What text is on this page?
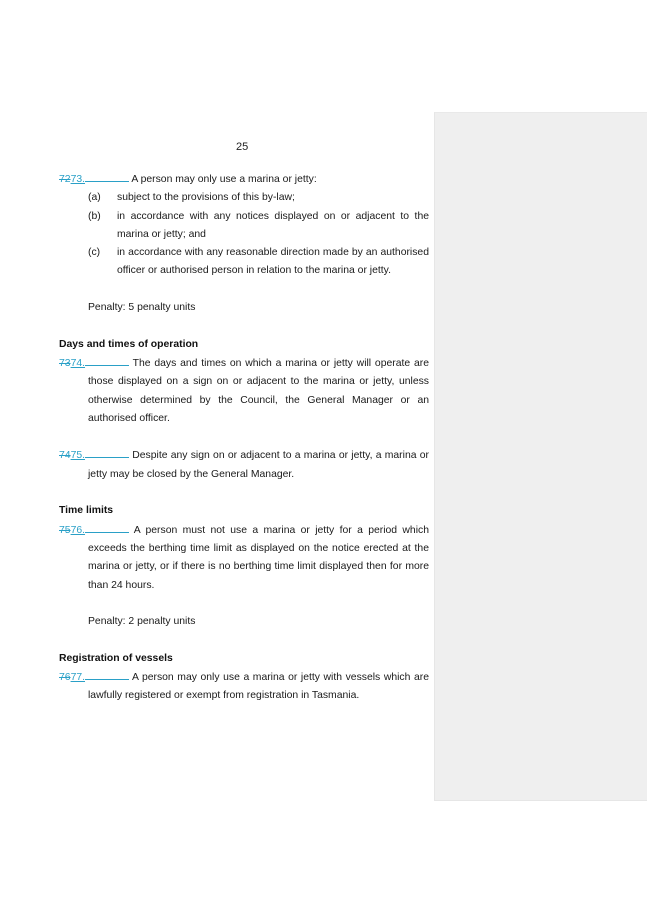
25
7273.	A person may only use a marina or jetty:
(a) subject to the provisions of this by-law;
(b) in accordance with any notices displayed on or adjacent to the marina or jetty; and
(c) in accordance with any reasonable direction made by an authorised officer or authorised person in relation to the marina or jetty.

Penalty: 5 penalty units

Days and times of operation

7374.	The days and times on which a marina or jetty will operate are those displayed on a sign on or adjacent to the marina or jetty, unless otherwise determined by the Council, the General Manager or an authorised officer.
7475.	Despite any sign on or adjacent to a marina or jetty, a marina or jetty may be closed by the General Manager.

Time limits

7576.	A person must not use a marina or jetty for a period which exceeds the berthing time limit as displayed on the notice erected at the marina or jetty, or if there is no berthing time limit displayed then for more than 24 hours.

Penalty: 2 penalty units

Registration of vessels

7677.	A person may only use a marina or jetty with vessels which are lawfully registered or exempt from registration in Tasmania.
